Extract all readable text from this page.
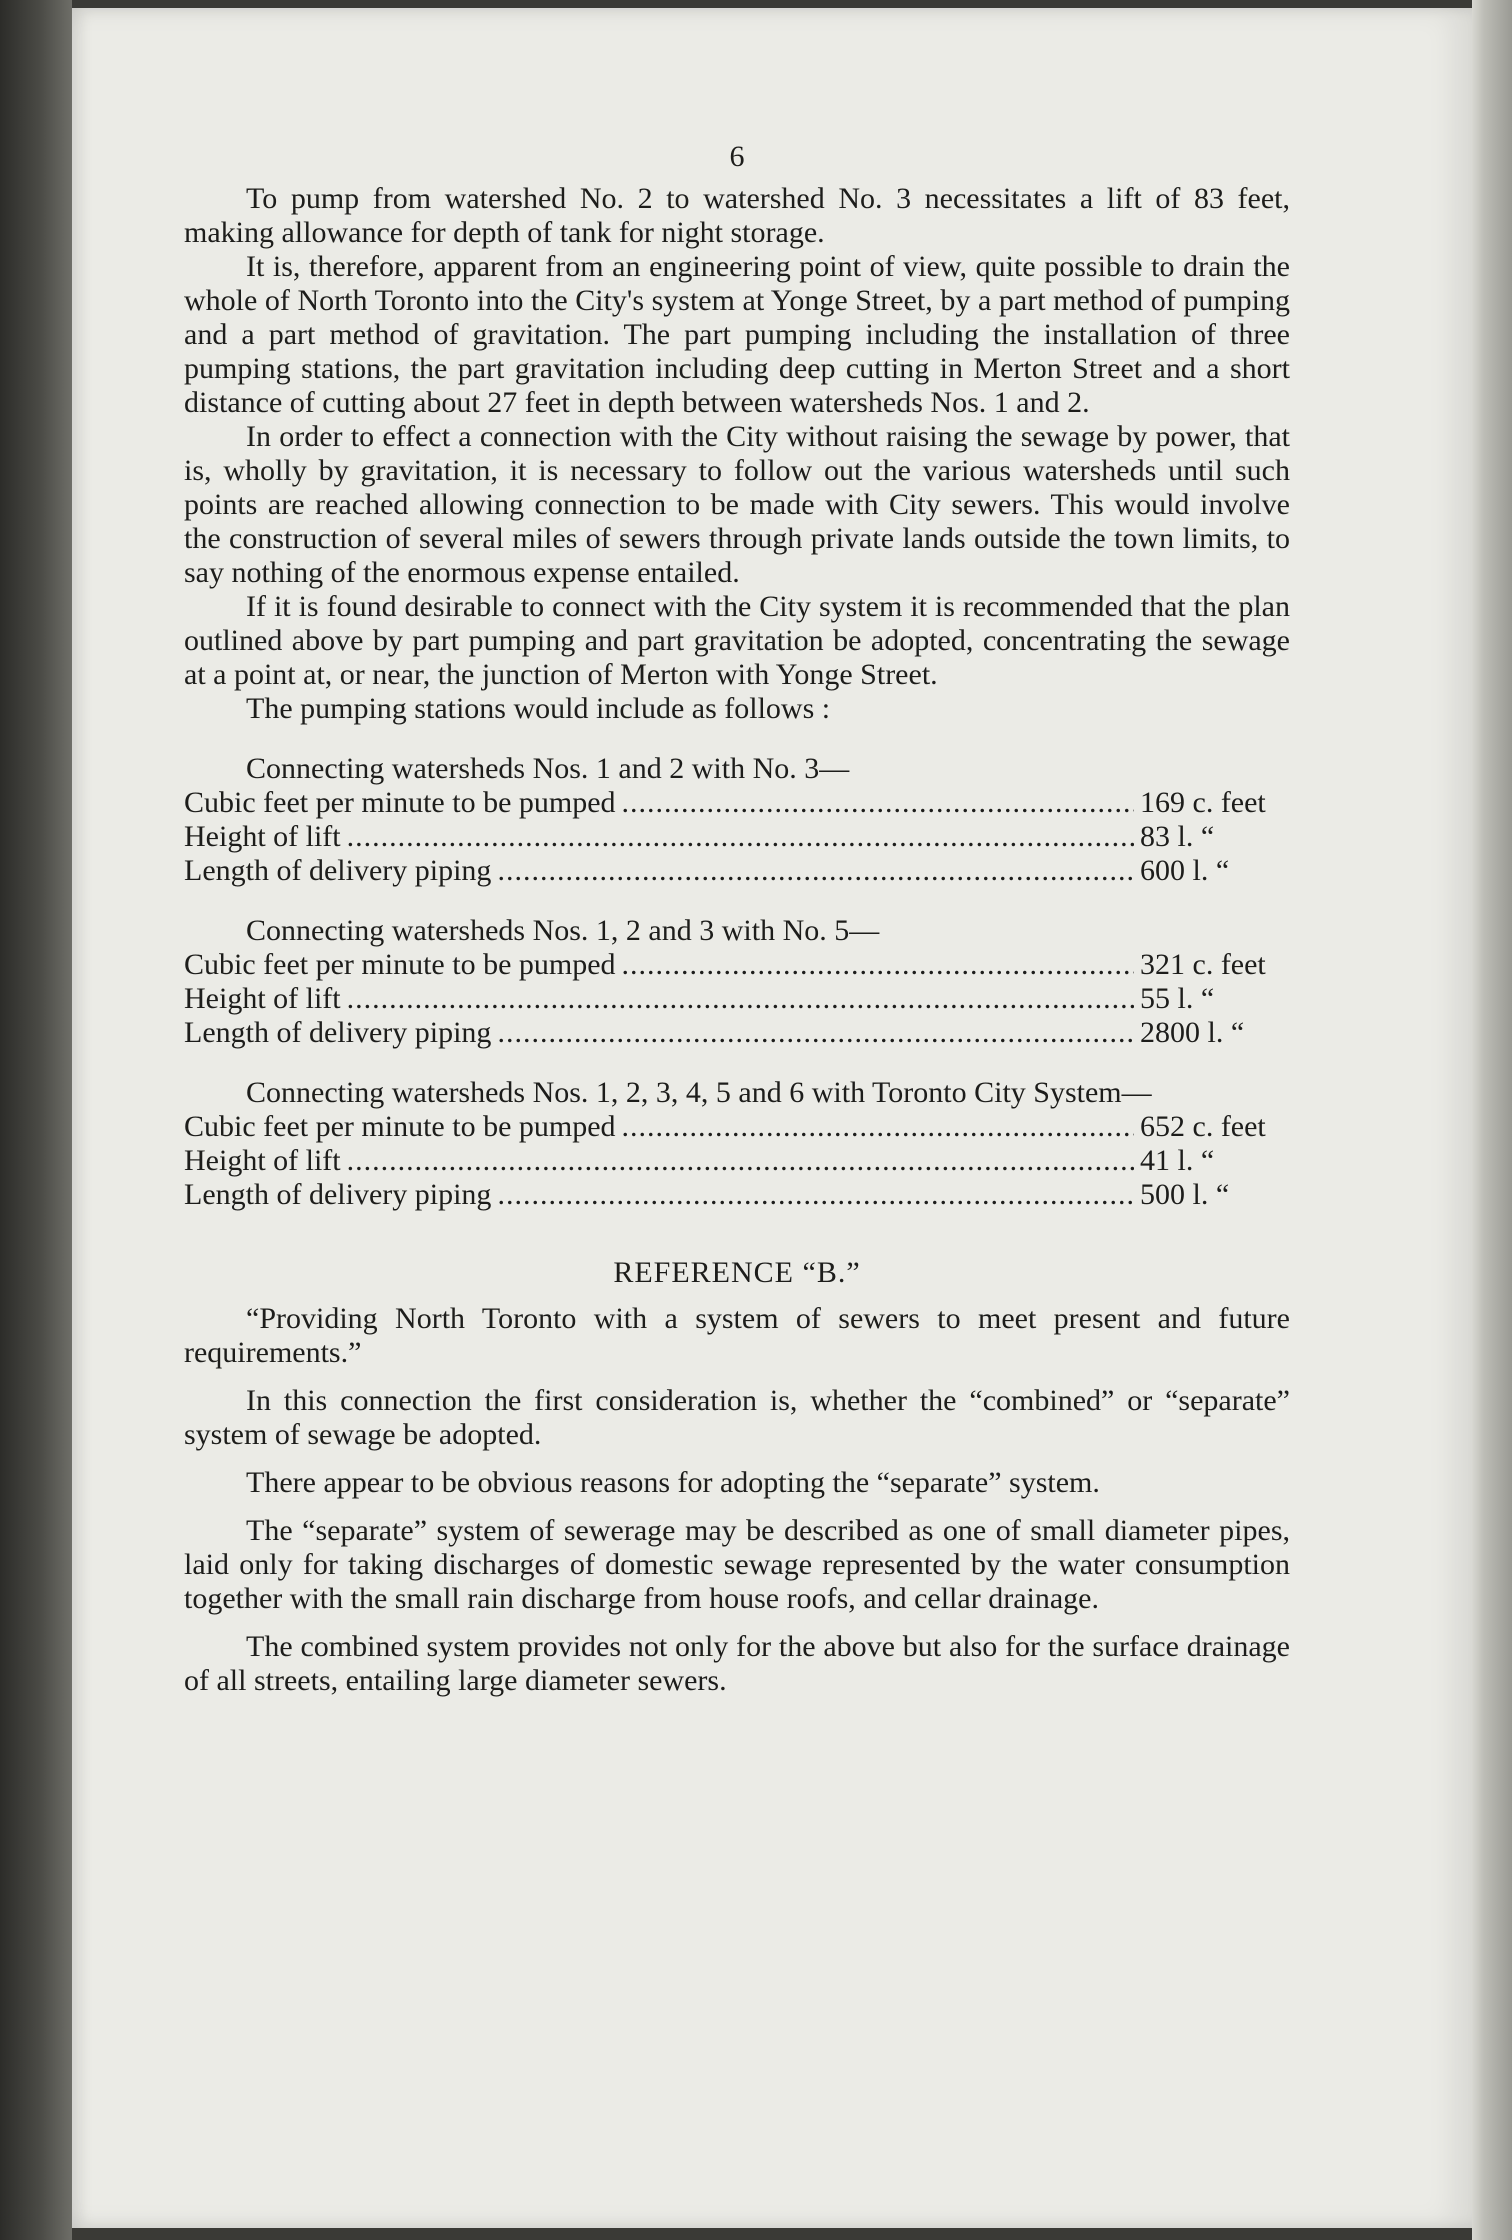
6

To pump from watershed No. 2 to watershed No. 3 necessitates a lift of 83 feet, making allowance for depth of tank for night storage.

It is, therefore, apparent from an engineering point of view, quite possible to drain the whole of North Toronto into the City's system at Yonge Street, by a part method of pumping and a part method of gravitation. The part pumping including the installation of three pumping stations, the part gravitation including deep cutting in Merton Street and a short distance of cutting about 27 feet in depth between watersheds Nos. 1 and 2.

In order to effect a connection with the City without raising the sewage by power, that is, wholly by gravitation, it is necessary to follow out the various watersheds until such points are reached allowing connection to be made with City sewers. This would involve the construction of several miles of sewers through private lands outside the town limits, to say nothing of the enormous expense entailed.

If it is found desirable to connect with the City system it is recommended that the plan outlined above by part pumping and part gravitation be adopted, concentrating the sewage at a point at, or near, the junction of Merton with Yonge Street.

The pumping stations would include as follows :

Connecting watersheds Nos. 1 and 2 with No. 3—

Cubic feet per minute to be pumped .....	169 c. feet
Height of lift .....	83 l. “
Length of delivery piping .....	600 l. “

Connecting watersheds Nos. 1, 2 and 3 with No. 5—

Cubic feet per minute to be pumped .....	321 c. feet
Height of lift .....	55 l. “
Length of delivery piping .....	2800 l. “

Connecting watersheds Nos. 1, 2, 3, 4, 5 and 6 with Toronto City System—

Cubic feet per minute to be pumped .....	652 c. feet
Height of lift .....	41 l. “
Length of delivery piping .....	500 l. “
REFERENCE “B.”

“Providing North Toronto with a system of sewers to meet present and future requirements.”

In this connection the first consideration is, whether the “combined” or “separate” system of sewage be adopted.

There appear to be obvious reasons for adopting the “separate” system.

The “separate” system of sewerage may be described as one of small diameter pipes, laid only for taking discharges of domestic sewage represented by the water consumption together with the small rain discharge from house roofs, and cellar drainage.

The combined system provides not only for the above but also for the surface drainage of all streets, entailing large diameter sewers.
